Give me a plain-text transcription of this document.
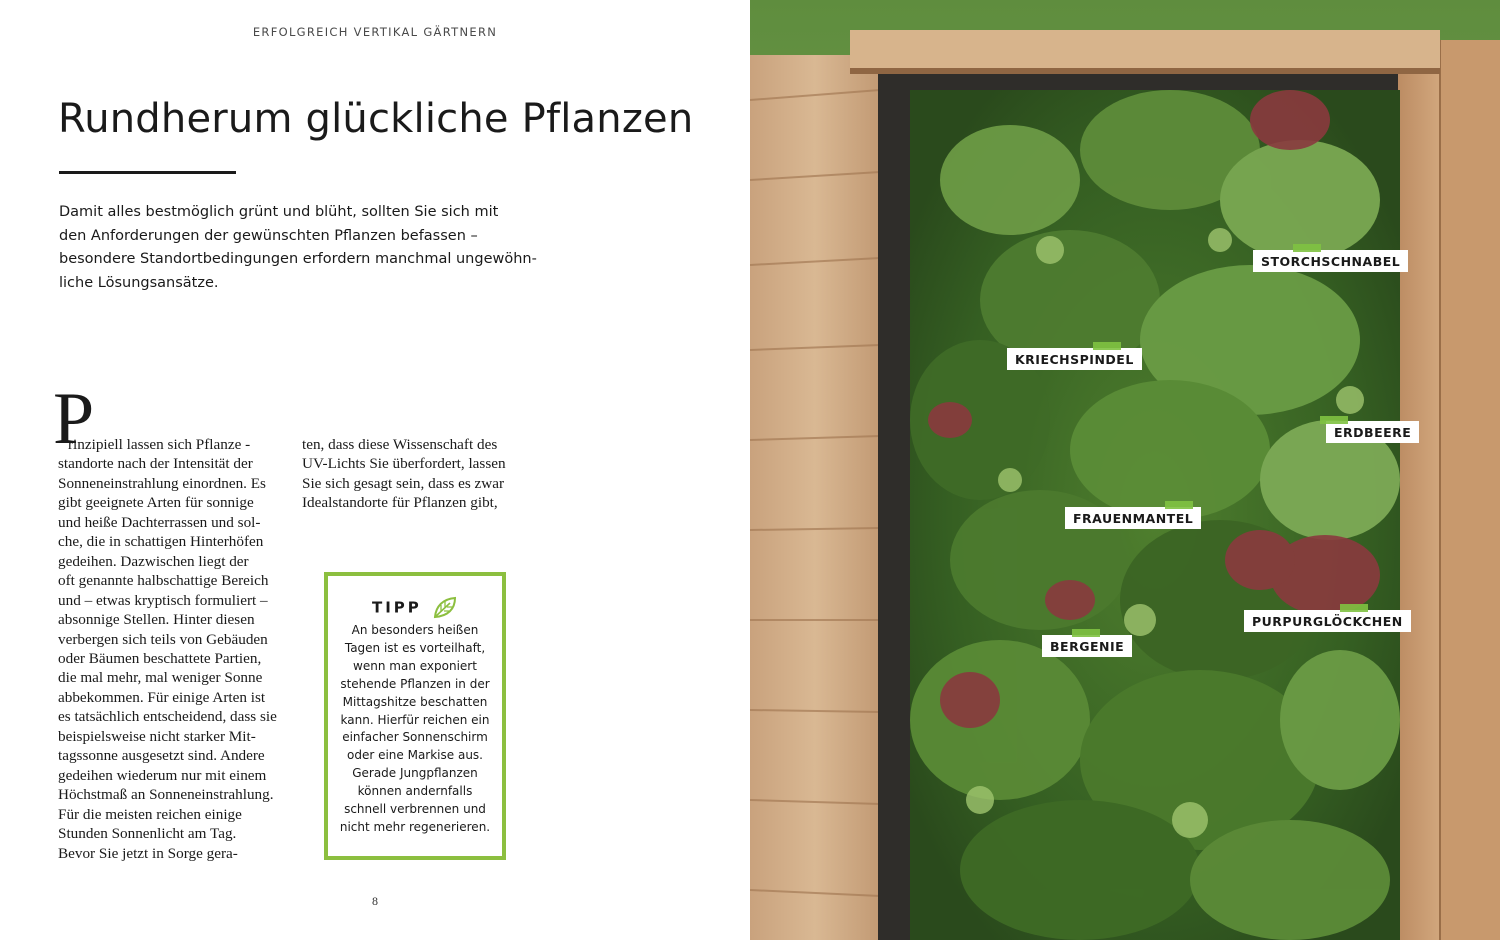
ERFOLGREICH VERTIKAL GÄRTNERN
Rundherum glückliche Pflanzen
Damit alles bestmöglich grünt und blüht, sollten Sie sich mit
den Anforderungen der gewünschten Pflanzen befassen –
besondere Standortbedingungen erfordern manchmal ungewöhn-
liche Lösungsansätze.
P
rinzipiell lassen sich Pflanze -
standorte nach der Intensität der
Sonneneinstrahlung einordnen. Es
gibt geeignete Arten für sonnige
und heiße Dachterrassen und sol-
che, die in schattigen Hinterhöfen
gedeihen. Dazwischen liegt der
oft genannte halbschattige Bereich
und – etwas kryptisch formuliert –
absonnige Stellen. Hinter diesen
verbergen sich teils von Gebäuden
oder Bäumen beschattete Partien,
die mal mehr, mal weniger Sonne
abbekommen. Für einige Arten ist
es tatsächlich entscheidend, dass sie
beispielsweise nicht starker Mit-
tagssonne ausgesetzt sind. Andere
gedeihen wiederum nur mit einem
Höchstmaß an Sonneneinstrahlung.
Für die meisten reichen einige
Stunden Sonnenlicht am Tag.
Bevor Sie jetzt in Sorge gera-
ten, dass diese Wissenschaft des
UV-Lichts Sie überfordert, lassen
Sie sich gesagt sein, dass es zwar
Idealstandorte für Pflanzen gibt,
TIPP
An besonders heißen
Tagen ist es vorteilhaft,
wenn man exponiert
stehende Pflanzen in der
Mittagshitze beschatten
kann. Hierfür reichen ein
einfacher Sonnenschirm
oder eine Markise aus.
Gerade Jungpflanzen
können andernfalls
schnell verbrennen und
nicht mehr regenerieren.
8
STORCHSCHNABEL
KRIECHSPINDEL
ERDBEERE
FRAUENMANTEL
PURPURGLÖCKCHEN
BERGENIE
